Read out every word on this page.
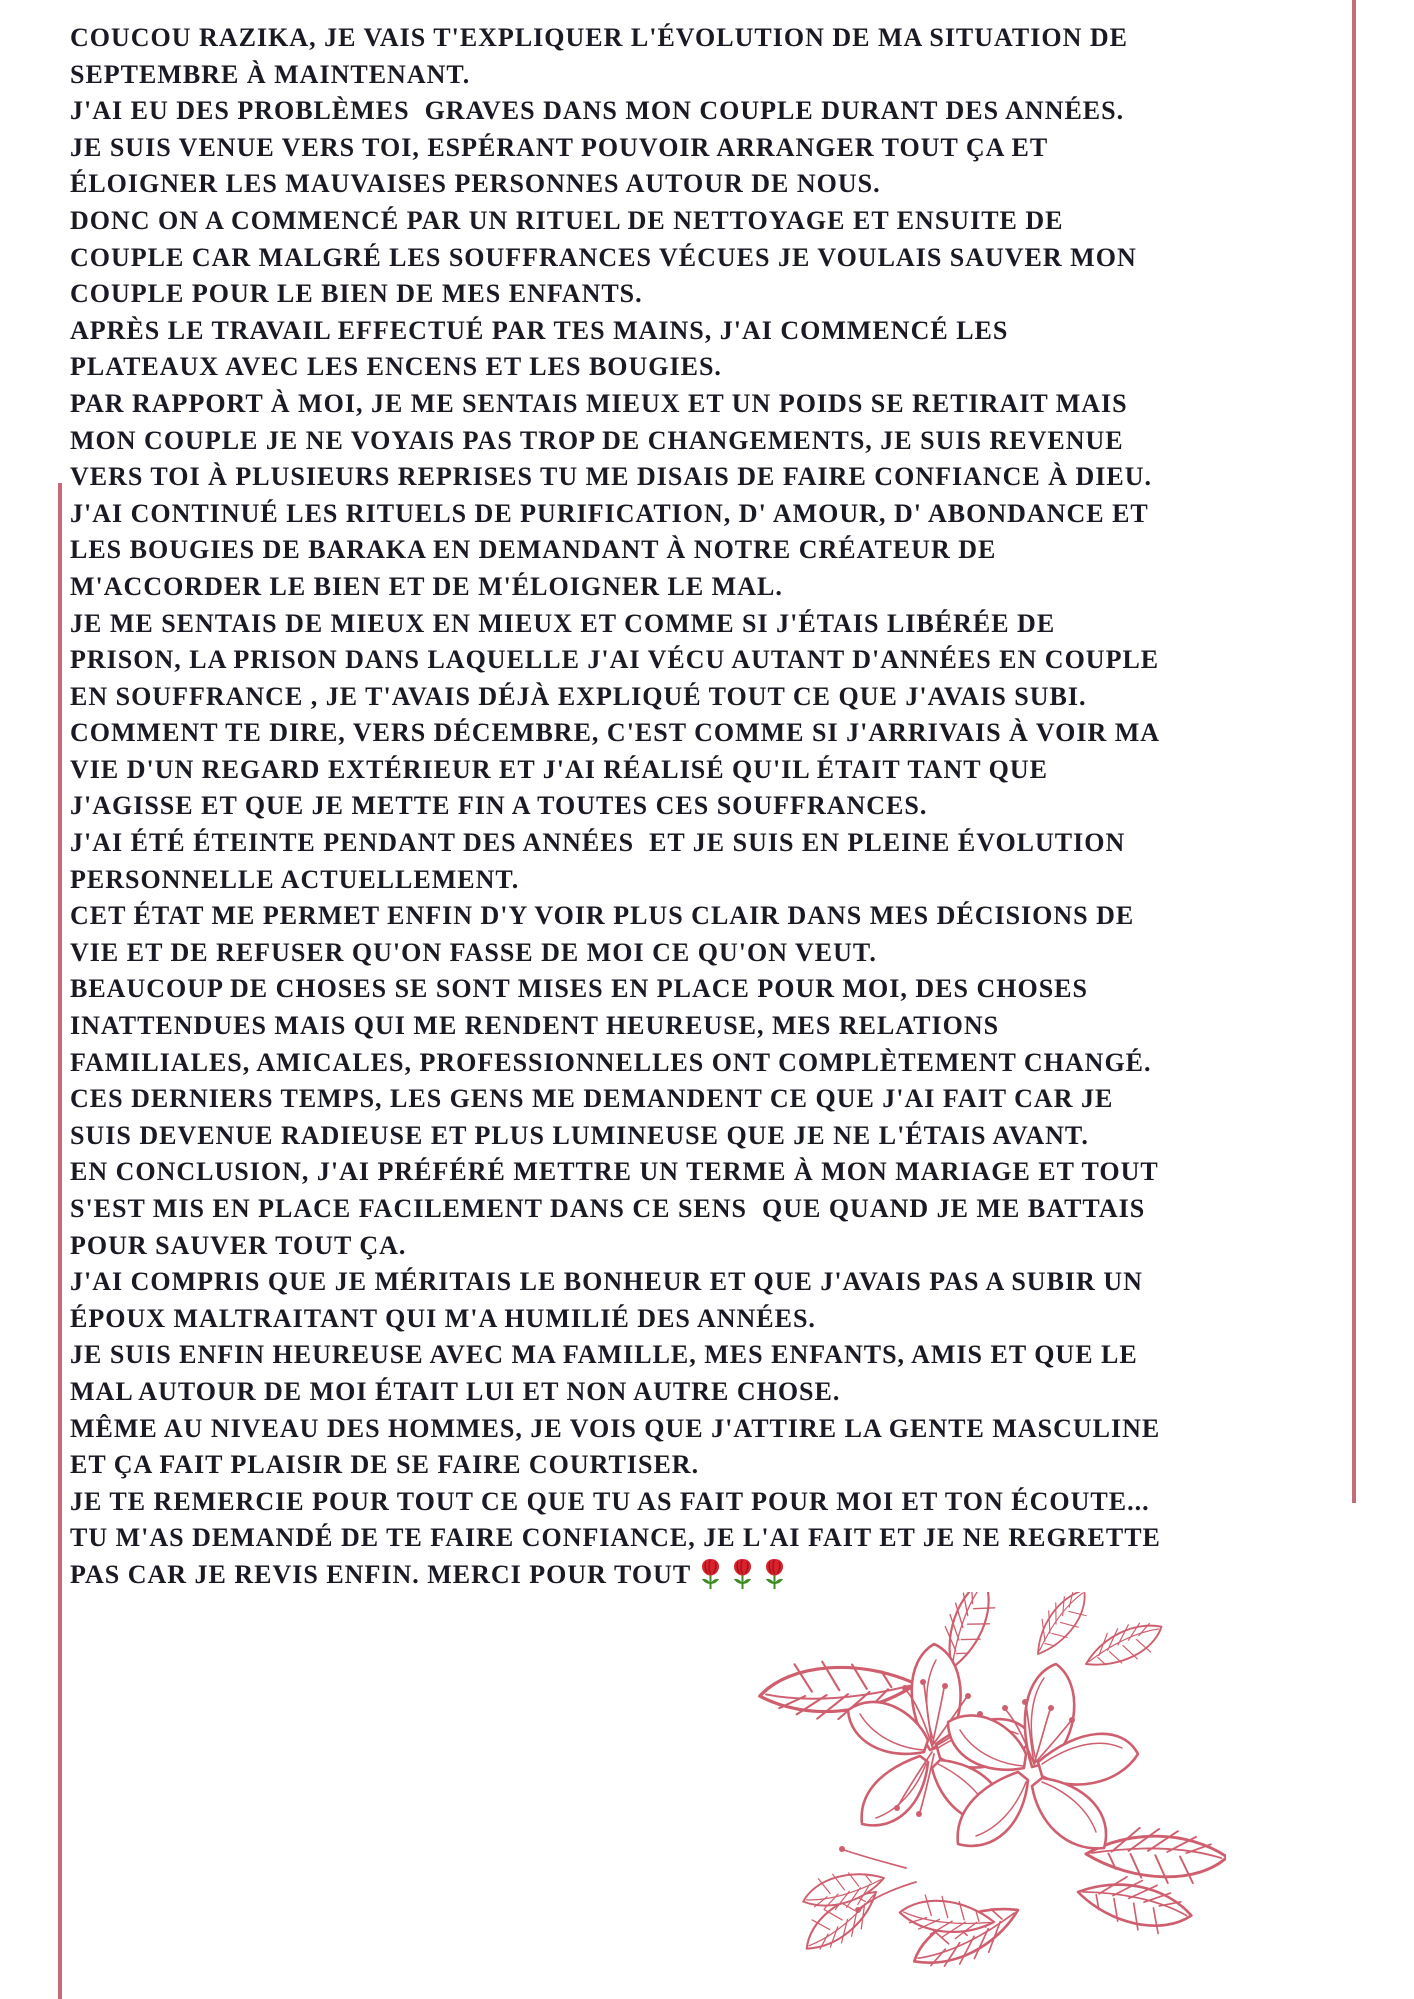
COUCOU RAZIKA, JE VAIS T'EXPLIQUER L'ÉVOLUTION DE MA SITUATION DE
SEPTEMBRE À MAINTENANT.
J'AI EU DES PROBLÈMES  GRAVES DANS MON COUPLE DURANT DES ANNÉES.
JE SUIS VENUE VERS TOI, ESPÉRANT POUVOIR ARRANGER TOUT ÇA ET
ÉLOIGNER LES MAUVAISES PERSONNES AUTOUR DE NOUS.
DONC ON A COMMENCÉ PAR UN RITUEL DE NETTOYAGE ET ENSUITE DE
COUPLE CAR MALGRÉ LES SOUFFRANCES VÉCUES JE VOULAIS SAUVER MON
COUPLE POUR LE BIEN DE MES ENFANTS.
APRÈS LE TRAVAIL EFFECTUÉ PAR TES MAINS, J'AI COMMENCÉ LES
PLATEAUX AVEC LES ENCENS ET LES BOUGIES.
PAR RAPPORT À MOI, JE ME SENTAIS MIEUX ET UN POIDS SE RETIRAIT MAIS
MON COUPLE JE NE VOYAIS PAS TROP DE CHANGEMENTS, JE SUIS REVENUE
VERS TOI À PLUSIEURS REPRISES TU ME DISAIS DE FAIRE CONFIANCE À DIEU.
J'AI CONTINUÉ LES RITUELS DE PURIFICATION, D' AMOUR, D' ABONDANCE ET
LES BOUGIES DE BARAKA EN DEMANDANT À NOTRE CRÉATEUR DE
M'ACCORDER LE BIEN ET DE M'ÉLOIGNER LE MAL.
JE ME SENTAIS DE MIEUX EN MIEUX ET COMME SI J'ÉTAIS LIBÉRÉE DE
PRISON, LA PRISON DANS LAQUELLE J'AI VÉCU AUTANT D'ANNÉES EN COUPLE
EN SOUFFRANCE , JE T'AVAIS DÉJÀ EXPLIQUÉ TOUT CE QUE J'AVAIS SUBI.
COMMENT TE DIRE, VERS DÉCEMBRE, C'EST COMME SI J'ARRIVAIS À VOIR MA
VIE D'UN REGARD EXTÉRIEUR ET J'AI RÉALISÉ QU'IL ÉTAIT TANT QUE
J'AGISSE ET QUE JE METTE FIN A TOUTES CES SOUFFRANCES.
J'AI ÉTÉ ÉTEINTE PENDANT DES ANNÉES  ET JE SUIS EN PLEINE ÉVOLUTION
PERSONNELLE ACTUELLEMENT.
CET ÉTAT ME PERMET ENFIN D'Y VOIR PLUS CLAIR DANS MES DÉCISIONS DE
VIE ET DE REFUSER QU'ON FASSE DE MOI CE QU'ON VEUT.
BEAUCOUP DE CHOSES SE SONT MISES EN PLACE POUR MOI, DES CHOSES
INATTENDUES MAIS QUI ME RENDENT HEUREUSE, MES RELATIONS
FAMILIALES, AMICALES, PROFESSIONNELLES ONT COMPLÈTEMENT CHANGÉ.
CES DERNIERS TEMPS, LES GENS ME DEMANDENT CE QUE J'AI FAIT CAR JE
SUIS DEVENUE RADIEUSE ET PLUS LUMINEUSE QUE JE NE L'ÉTAIS AVANT.
EN CONCLUSION, J'AI PRÉFÉRÉ METTRE UN TERME À MON MARIAGE ET TOUT
S'EST MIS EN PLACE FACILEMENT DANS CE SENS  QUE QUAND JE ME BATTAIS
POUR SAUVER TOUT ÇA.
J'AI COMPRIS QUE JE MÉRITAIS LE BONHEUR ET QUE J'AVAIS PAS A SUBIR UN
ÉPOUX MALTRAITANT QUI M'A HUMILIÉ DES ANNÉES.
JE SUIS ENFIN HEUREUSE AVEC MA FAMILLE, MES ENFANTS, AMIS ET QUE LE
MAL AUTOUR DE MOI ÉTAIT LUI ET NON AUTRE CHOSE.
MÊME AU NIVEAU DES HOMMES, JE VOIS QUE J'ATTIRE LA GENTE MASCULINE
ET ÇA FAIT PLAISIR DE SE FAIRE COURTISER.
JE TE REMERCIE POUR TOUT CE QUE TU AS FAIT POUR MOI ET TON ÉCOUTE...
TU M'AS DEMANDÉ DE TE FAIRE CONFIANCE, JE L'AI FAIT ET JE NE REGRETTE
PAS CAR JE REVIS ENFIN. MERCI POUR TOUT
